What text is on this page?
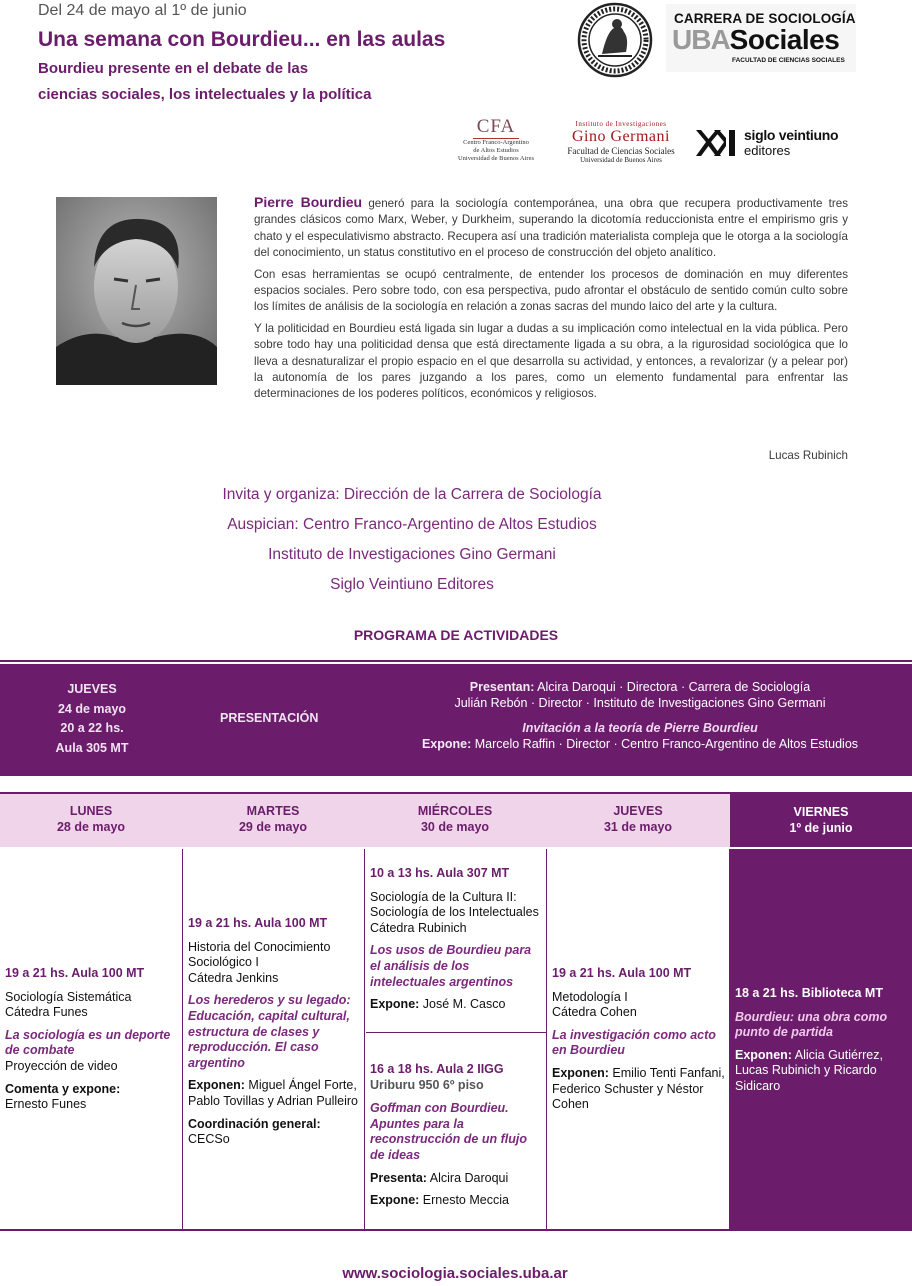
Del 24 de mayo al 1º de junio
Una semana con Bourdieu... en las aulas
Bourdieu presente en el debate de las
ciencias sociales, los intelectuales y la política
CARRERA DE SOCIOLOGÍA
UBASociales
FACULTAD DE CIENCIAS SOCIALES
CFA
Centro Franco-Argentino
de Altos Estudios
Universidad de Buenos Aires
Instituto de Investigaciones
Gino Germani
Facultad de Ciencias Sociales
Universidad de Buenos Aires
siglo veintiuno
editores

Pierre Bourdieu generó para la sociología contemporánea, una obra que recupera productivamente tres grandes clásicos como Marx, Weber, y Durkheim, superando la dicotomía reduccionista entre el empirismo gris y chato y el especulativismo abstracto. Recupera así una tradición materialista compleja que le otorga a la sociología del conocimiento, un status constitutivo en el proceso de construcción del objeto analítico.

Con esas herramientas se ocupó centralmente, de entender los procesos de dominación en muy diferentes espacios sociales. Pero sobre todo, con esa perspectiva, pudo afrontar el obstáculo de sentido común culto sobre los límites de análisis de la sociología en relación a zonas sacras del mundo laico del arte y la cultura.

Y la politicidad en Bourdieu está ligada sin lugar a dudas a su implicación como intelectual en la vida pública. Pero sobre todo hay una politicidad densa que está directamente ligada a su obra, a la rigurosidad sociológica que lo lleva a desnaturalizar el propio espacio en el que desarrolla su actividad, y entonces, a revalorizar (y a pelear por) la autonomía de los pares juzgando a los pares, como un elemento fundamental para enfrentar las determinaciones de los poderes políticos, económicos y religiosos.

Lucas Rubinich
Invita y organiza: Dirección de la Carrera de Sociología
Auspician: Centro Franco-Argentino de Altos Estudios
Instituto de Investigaciones Gino Germani
Siglo Veintiuno Editores
PROGRAMA DE ACTIVIDADES
JUEVES
24 de mayo
20 a 22 hs.
Aula 305 MT
PRESENTACIÓN
Presentan: Alcira Daroqui · Directora · Carrera de Sociología
Julián Rebón · Director · Instituto de Investigaciones Gino Germani
Invitación a la teoría de Pierre Bourdieu
Expone: Marcelo Raffin · Director · Centro Franco-Argentino de Altos Estudios
LUNES
28 de mayo
MARTES
29 de mayo
MIÉRCOLES
30 de mayo
JUEVES
31 de mayo
VIERNES
1º de junio
19 a 21 hs. Aula 100 MT
Sociología Sistemática
Cátedra Funes
La sociología es un deporte de combate
Proyección de video
Comenta y expone:
Ernesto Funes
19 a 21 hs. Aula 100 MT
Historia del Conocimiento Sociológico I
Cátedra Jenkins
Los herederos y su legado: Educación, capital cultural, estructura de clases y reproducción. El caso argentino
Exponen: Miguel Ángel Forte, Pablo Tovillas y Adrian Pulleiro
Coordinación general:
CECSo
10 a 13 hs. Aula 307 MT
Sociología de la Cultura II: Sociología de los Intelectuales
Cátedra Rubinich
Los usos de Bourdieu para el análisis de los intelectuales argentinos
Expone: José M. Casco
16 a 18 hs. Aula 2 IIGG
Uriburu 950 6º piso
Goffman con Bourdieu. Apuntes para la reconstrucción de un flujo de ideas
Presenta: Alcira Daroqui
Expone: Ernesto Meccia
19 a 21 hs. Aula 100 MT
Metodología I
Cátedra Cohen
La investigación como acto en Bourdieu
Exponen: Emilio Tenti Fanfani, Federico Schuster y Néstor Cohen
18 a 21 hs. Biblioteca MT
Bourdieu: una obra como punto de partida
Exponen: Alicia Gutiérrez, Lucas Rubinich y Ricardo Sidicaro
www.sociologia.sociales.uba.ar
